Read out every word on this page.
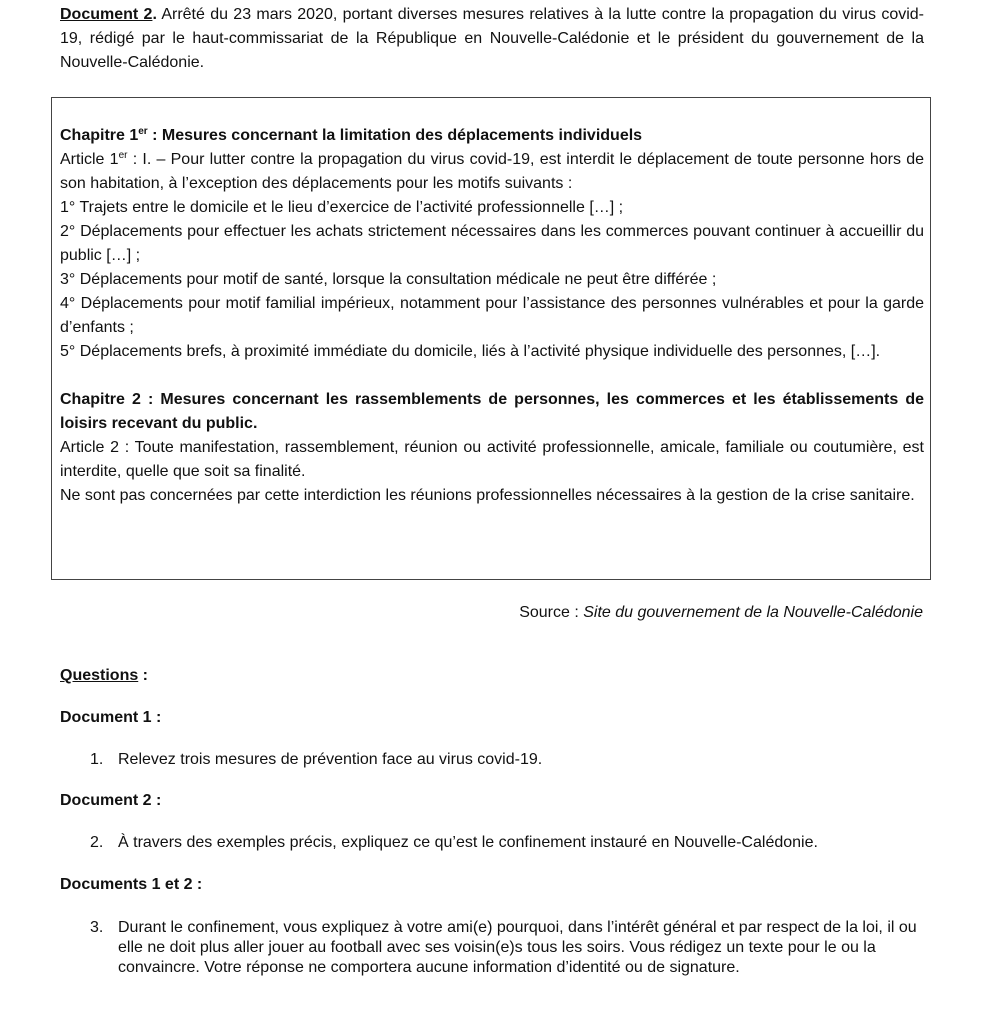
Document 2. Arrêté du 23 mars 2020, portant diverses mesures relatives à la lutte contre la propagation du virus covid-19, rédigé par le haut-commissariat de la République en Nouvelle-Calédonie et le président du gouvernement de la Nouvelle-Calédonie.
Chapitre 1er : Mesures concernant la limitation des déplacements individuels
Article 1er : I. – Pour lutter contre la propagation du virus covid-19, est interdit le déplacement de toute personne hors de son habitation, à l’exception des déplacements pour les motifs suivants :
1° Trajets entre le domicile et le lieu d’exercice de l’activité professionnelle […] ;
2° Déplacements pour effectuer les achats strictement nécessaires dans les commerces pouvant continuer à accueillir du public […] ;
3° Déplacements pour motif de santé, lorsque la consultation médicale ne peut être différée ;
4° Déplacements pour motif familial impérieux, notamment pour l’assistance des personnes vulnérables et pour la garde d’enfants ;
5° Déplacements brefs, à proximité immédiate du domicile, liés à l’activité physique individuelle des personnes, […].
Chapitre 2 : Mesures concernant les rassemblements de personnes, les commerces et les établissements de loisirs recevant du public.
Article 2 : Toute manifestation, rassemblement, réunion ou activité professionnelle, amicale, familiale ou coutumière, est interdite, quelle que soit sa finalité.
Ne sont pas concernées par cette interdiction les réunions professionnelles nécessaires à la gestion de la crise sanitaire.
Source : Site du gouvernement de la Nouvelle-Calédonie
Questions :
Document 1 :
1. Relevez trois mesures de prévention face au virus covid-19.
Document 2 :
2. À travers des exemples précis, expliquez ce qu’est le confinement instauré en Nouvelle-Calédonie.
Documents 1 et 2 :
3. Durant le confinement, vous expliquez à votre ami(e) pourquoi, dans l’intérêt général et par respect de la loi, il ou elle ne doit plus aller jouer au football avec ses voisin(e)s tous les soirs. Vous rédigez un texte pour le ou la convaincre. Votre réponse ne comportera aucune information d’identité ou de signature.
